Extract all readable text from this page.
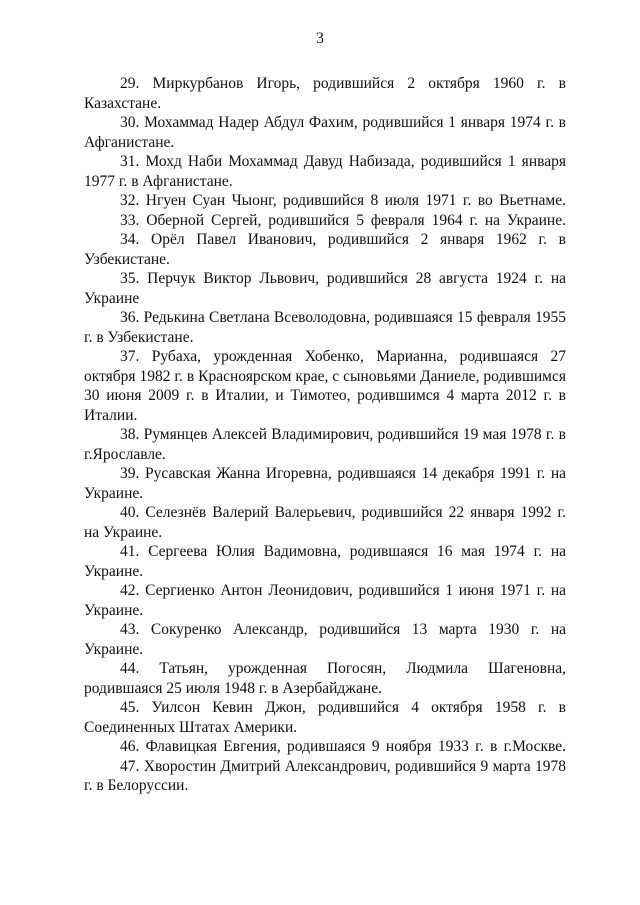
3

29. Миркурбанов Игорь, родившийся 2 октября 1960 г. в Казахстане.

30. Мохаммад Надер Абдул Фахим, родившийся 1 января 1974 г. в Афганистане.

31. Мохд Наби Мохаммад Давуд Набизада, родившийся 1 января 1977 г. в Афганистане.

32. Нгуен Суан Чыонг, родившийся 8 июля 1971 г. во Вьетнаме.

33. Оберной Сергей, родившийся 5 февраля 1964 г. на Украине.

34. Орёл Павел Иванович, родившийся 2 января 1962 г. в Узбекистане.

35. Перчук Виктор Львович, родившийся 28 августа 1924 г. на Украине

36. Редькина Светлана Всеволодовна, родившаяся 15 февраля 1955 г. в Узбекистане.

37. Рубаха, урожденная Хобенко, Марианна, родившаяся 27 октября 1982 г. в Красноярском крае, с сыновьями Даниеле, родившимся 30 июня 2009 г. в Италии, и Тимотео, родившимся 4 марта 2012 г. в Италии.

38. Румянцев Алексей Владимирович, родившийся 19 мая 1978 г. в г.Ярославле.

39. Русавская Жанна Игоревна, родившаяся 14 декабря 1991 г. на Украине.

40. Селезнёв Валерий Валерьевич, родившийся 22 января 1992 г. на Украине.

41. Сергеева Юлия Вадимовна, родившаяся 16 мая 1974 г. на Украине.

42. Сергиенко Антон Леонидович, родившийся 1 июня 1971 г. на Украине.

43. Сокуренко Александр, родившийся 13 марта 1930 г. на Украине.

44. Татьян, урожденная Погосян, Людмила Шагеновна, родившаяся 25 июля 1948 г. в Азербайджане.

45. Уилсон Кевин Джон, родившийся 4 октября 1958 г. в Соединенных Штатах Америки.

46. Флавицкая Евгения, родившаяся 9 ноября 1933 г. в г.Москве.

47. Хворостин Дмитрий Александрович, родившийся 9 марта 1978 г. в Белоруссии.
